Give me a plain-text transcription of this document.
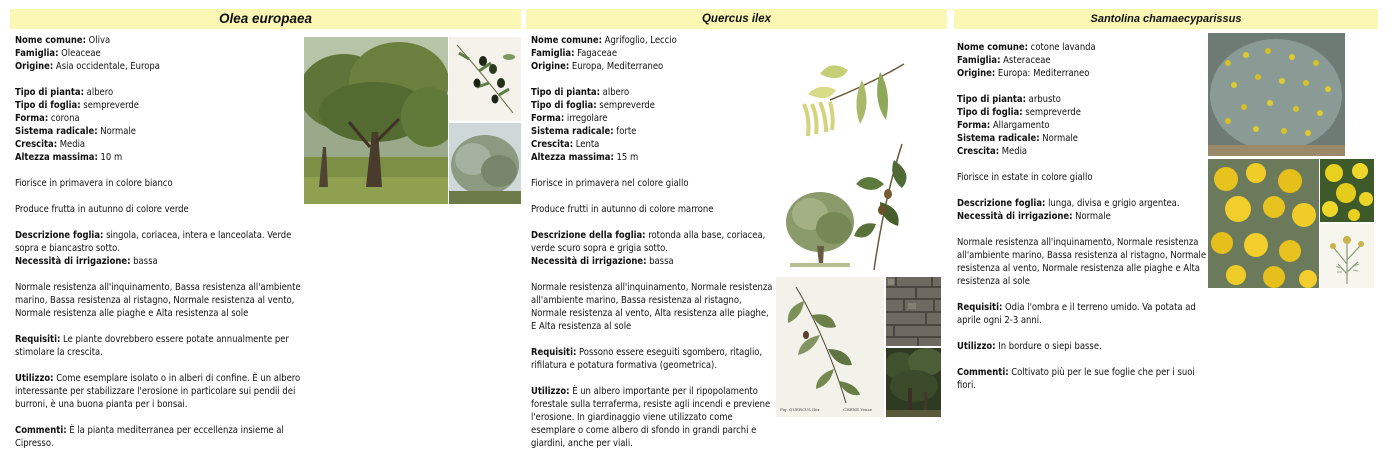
Olea europaea

Nome comune: Oliva

Famiglia: Oleaceae

Origine: Asia occidentale, Europa

Tipo di pianta: albero

Tipo di foglia: sempreverde

Forma: corona

Sistema radicale: Normale

Crescita: Media

Altezza massima: 10 m

Fiorisce in primavera in colore bianco

Produce frutta in autunno di colore verde

Descrizione foglia: singola, coriacea, intera e lanceolata. Verde sopra e biancastro sotto.

Necessità di irrigazione: bassa

Normale resistenza all'inquinamento, Bassa resistenza all'ambiente marino, Bassa resistenza al ristagno, Normale resistenza al vento, Normale resistenza alle piaghe e Alta resistenza al sole

Requisiti: Le piante dovrebbero essere potate annualmente per stimolare la crescita.

Utilizzo: Come esemplare isolato o in alberi di confine. È un albero interessante per stabilizzare l'erosione in particolare sui pendii dei burroni, è una buona pianta per i bonsai.

Commenti: È la pianta mediterranea per eccellenza insieme al Cipresso.

Quercus ilex

Nome comune: Agrifoglio, Leccio

Famiglia: Fagaceae

Origine: Europa, Mediterraneo

Tipo di pianta: albero

Tipo di foglia: sempreverde

Forma: irregolare

Sistema radicale: forte

Crescita: Lenta

Altezza massima: 15 m

Fiorisce in primavera nel colore giallo

Produce frutti in autunno di colore marrone

Descrizione della foglia: rotonda alla base, coriacea, verde scuro sopra e grigia sotto.

Necessità di irrigazione: bassa

Normale resistenza all'inquinamento, Normale resistenza all'ambiente marino, Bassa resistenza al ristagno, Normale resistenza al vento, Alta resistenza alle piaghe, E Alta resistenza al sole

Requisiti: Possono essere eseguiti sgombero, ritaglio, rifilatura e potatura formativa (geometrica).

Utilizzo: È un albero importante per il ripopolamento forestale sulla terraferma, resiste agli incendi e previene l'erosione. In giardinaggio viene utilizzato come esemplare o come albero di sfondo in grandi parchi e giardini, anche per viali.

Fig. QUERCUS Ilex	CHENE Yeuse
Santolina chamaecyparissus

Nome comune: cotone lavanda

Famiglia: Asteraceae

Origine: Europa: Mediterraneo

Tipo di pianta: arbusto

Tipo di foglia: sempreverde

Forma: Allargamento

Sistema radicale: Normale

Crescita: Media

Fiorisce in estate in colore giallo

Descrizione foglia: lunga, divisa e grigio argentea.

Necessità di irrigazione: Normale

Normale resistenza all'inquinamento, Normale resistenza all'ambiente marino, Bassa resistenza al ristagno, Normale resistenza al vento, Normale resistenza alle piaghe e Alta resistenza al sole

Requisiti: Odia l'ombra e il terreno umido. Va potata ad aprile ogni 2-3 anni.

Utilizzo: In bordure o siepi basse.

Commenti: Coltivato più per le sue foglie che per i suoi fiori.
